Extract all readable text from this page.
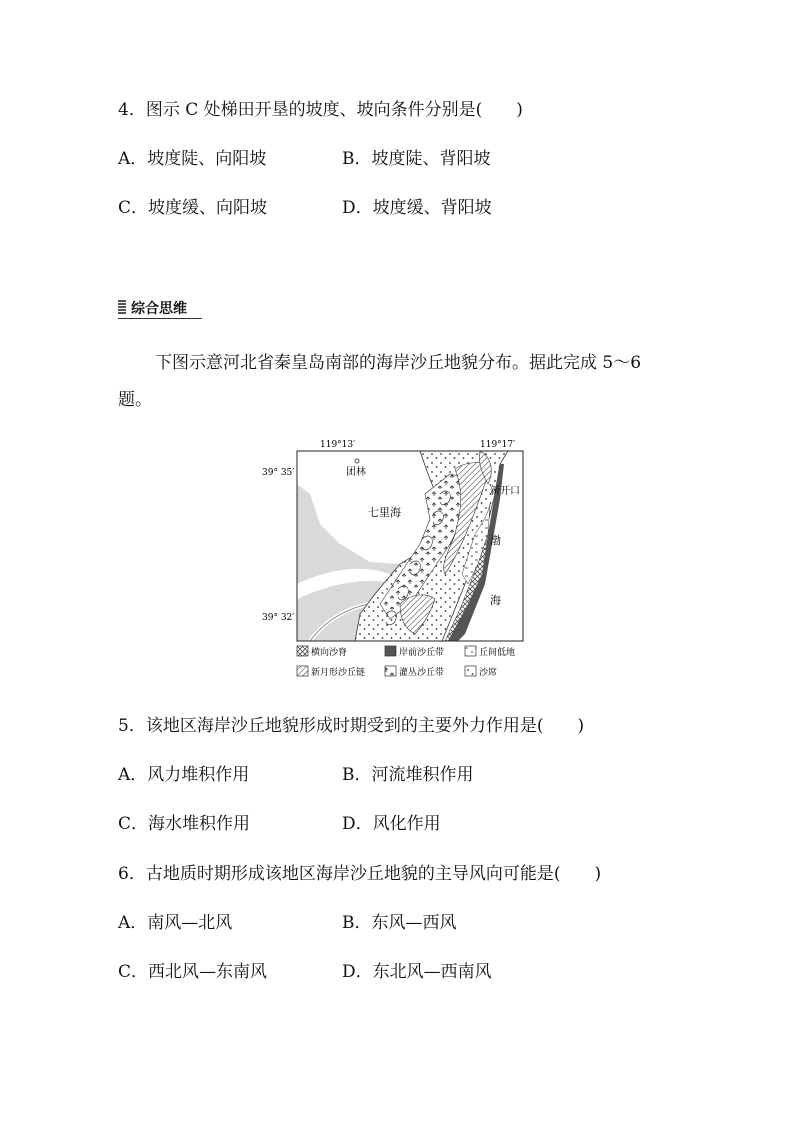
4．图示 C 处梯田开垦的坡度、坡向条件分别是(　　)
A．坡度陡、向阳坡	B．坡度陡、背阳坡
C．坡度缓、向阳坡	D．坡度缓、背阳坡
综合思维
下图示意河北省秦皇岛南部的海岸沙丘地貌分布。据此完成 5～6
题。
119°13′	119°17′
39° 35′
39° 32′
团林
七里海
新开口
渤
海
横向沙脊	岸前沙丘带	丘间低地
新月形沙丘链	灌丛沙丘带	沙席
5．该地区海岸沙丘地貌形成时期受到的主要外力作用是(　　)
A．风力堆积作用	B．河流堆积作用
C．海水堆积作用	D．风化作用
6．古地质时期形成该地区海岸沙丘地貌的主导风向可能是(　　)
A．南风—北风	B．东风—西风
C．西北风—东南风	D．东北风—西南风
